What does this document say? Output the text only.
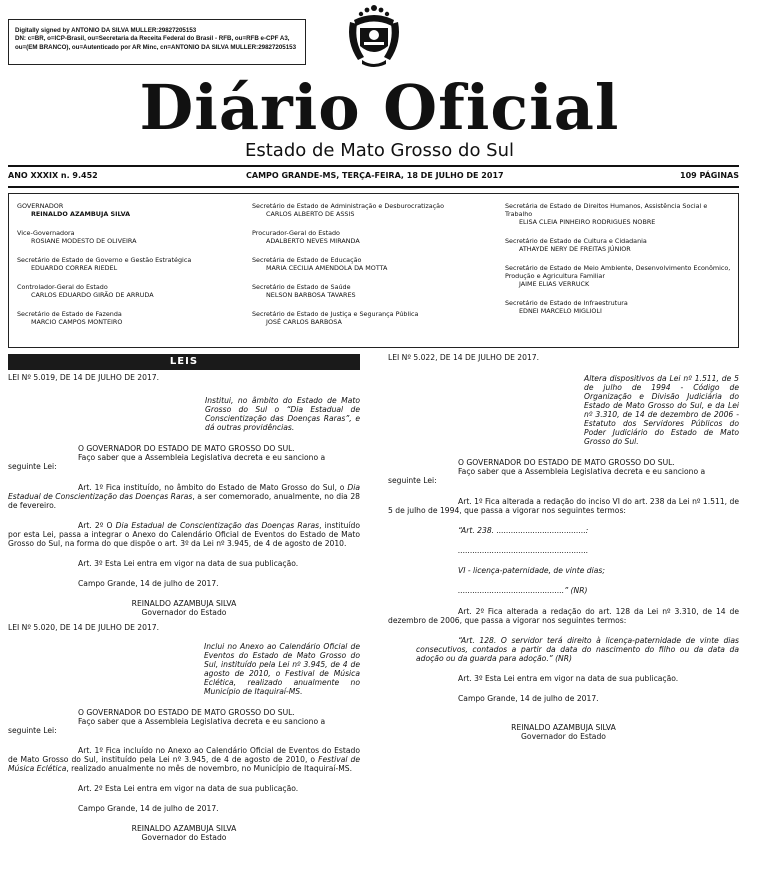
Digitally signed by ANTONIO DA SILVA MULLER:29827205153
DN: c=BR, o=ICP-Brasil, ou=Secretaria da Receita Federal do Brasil - RFB, ou=RFB e-CPF A3,
ou=(EM BRANCO), ou=Autenticado por AR Minc, cn=ANTONIO DA SILVA MULLER:29827205153
Diário Oficial
Estado de Mato Grosso do Sul
ANO XXXIX n. 9.452	CAMPO GRANDE-MS, TERÇA-FEIRA, 18 DE JULHO DE 2017	109 PÁGINAS
GOVERNADOR
REINALDO AZAMBUJA SILVA
Vice-Governadora
ROSIANE MODESTO DE OLIVEIRA
Secretário de Estado de Governo e Gestão Estratégica
EDUARDO CORREA RIEDEL
Controlador-Geral do Estado
CARLOS EDUARDO GIRÃO DE ARRUDA
Secretário de Estado de Fazenda
MARCIO CAMPOS MONTEIRO
Secretário de Estado de Administração e Desburocratização
CARLOS ALBERTO DE ASSIS
Procurador-Geral do Estado
ADALBERTO NEVES MIRANDA
Secretária de Estado de Educação
MARIA CECILIA AMENDOLA DA MOTTA
Secretário de Estado de Saúde
NELSON BARBOSA TAVARES
Secretário de Estado de Justiça e Segurança Pública
JOSÉ CARLOS BARBOSA
Secretária de Estado de Direitos Humanos, Assistência Social e Trabalho
ELISA CLEIA PINHEIRO RODRIGUES NOBRE
Secretário de Estado de Cultura e Cidadania
ATHAYDE NERY DE FREITAS JÚNIOR
Secretário de Estado de Meio Ambiente, Desenvolvimento Econômico, Produção e Agricultura Familiar
JAIME ELIAS VERRUCK
Secretário de Estado de Infraestrutura
EDNEI MARCELO MIGLIOLI
LEIS

LEI Nº 5.019, DE 14 DE JULHO DE 2017.

Institui, no âmbito do Estado de Mato Grosso do Sul o “Dia Estadual de Conscientização das Doenças Raras”, e dá outras providências.

O GOVERNADOR DO ESTADO DE MATO GROSSO DO SUL.

Faço saber que a Assembleia Legislativa decreta e eu sanciono a

seguinte Lei:

Art. 1º Fica instituído, no âmbito do Estado de Mato Grosso do Sul, o Dia Estadual de Conscientização das Doenças Raras, a ser comemorado, anualmente, no dia 28 de fevereiro.

Art. 2º O Dia Estadual de Conscientização das Doenças Raras, instituído por esta Lei, passa a integrar o Anexo do Calendário Oficial de Eventos do Estado de Mato Grosso do Sul, na forma do que dispõe o art. 3º da Lei nº 3.945, de 4 de agosto de 2010.

Art. 3º Esta Lei entra em vigor na data de sua publicação.

Campo Grande, 14 de julho de 2017.

REINALDO AZAMBUJA SILVA

Governador do Estado

LEI Nº 5.020, DE 14 DE JULHO DE 2017.

Inclui no Anexo ao Calendário Oficial de Eventos do Estado de Mato Grosso do Sul, instituído pela Lei nº 3.945, de 4 de agosto de 2010, o Festival de Música Eclética, realizado anualmente no Município de Itaquiraí-MS.

O GOVERNADOR DO ESTADO DE MATO GROSSO DO SUL.

Faço saber que a Assembleia Legislativa decreta e eu sanciono a

seguinte Lei:

Art. 1º Fica incluído no Anexo ao Calendário Oficial de Eventos do Estado de Mato Grosso do Sul, instituído pela Lei nº 3.945, de 4 de agosto de 2010, o Festival de Música Eclética, realizado anualmente no mês de novembro, no Município de Itaquiraí-MS.

Art. 2º Esta Lei entra em vigor na data de sua publicação.

Campo Grande, 14 de julho de 2017.

REINALDO AZAMBUJA SILVA

Governador do Estado

LEI Nº 5.022, DE 14 DE JULHO DE 2017.

Altera dispositivos da Lei nº 1.511, de 5 de julho de 1994 - Código de Organização e Divisão Judiciária do Estado de Mato Grosso do Sul, e da Lei nº 3.310, de 14 de dezembro de 2006 - Estatuto dos Servidores Públicos do Poder Judiciário do Estado de Mato Grosso do Sul.

O GOVERNADOR DO ESTADO DE MATO GROSSO DO SUL.

Faço saber que a Assembleia Legislativa decreta e eu sanciono a

seguinte Lei:

Art. 1º Fica alterada a redação do inciso VI do art. 238 da Lei nº 1.511, de 5 de julho de 1994, que passa a vigorar nos seguintes termos:

“Art. 238. .....................................:

......................................................

VI - licença-paternidade, de vinte dias;

............................................” (NR)

Art. 2º Fica alterada a redação do art. 128 da Lei nº 3.310, de 14 de dezembro de 2006, que passa a vigorar nos seguintes termos:

“Art. 128. O servidor terá direito à licença-paternidade de vinte dias consecutivos, contados a partir da data do nascimento do filho ou da data da adoção ou da guarda para adoção.” (NR)

Art. 3º Esta Lei entra em vigor na data de sua publicação.

Campo Grande, 14 de julho de 2017.

REINALDO AZAMBUJA SILVA

Governador do Estado
